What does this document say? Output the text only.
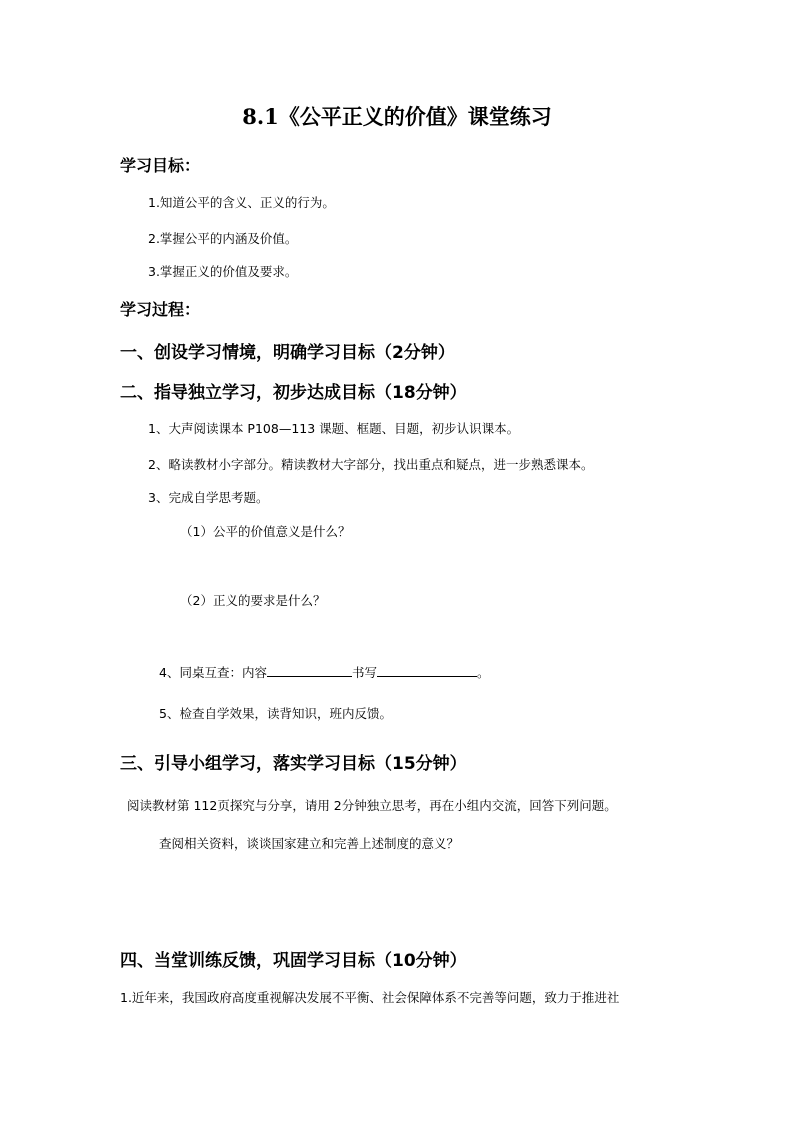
8.1《公平正义的价值》课堂练习
学习目标：
1.知道公平的含义、正义的行为。
2.掌握公平的内涵及价值。
3.掌握正义的价值及要求。
学习过程：
一、创设学习情境，明确学习目标（2分钟）
二、指导独立学习，初步达成目标（18分钟）
1、大声阅读课本 P108—113 课题、框题、目题，初步认识课本。
2、略读教材小字部分。精读教材大字部分，找出重点和疑点，进一步熟悉课本。
3、完成自学思考题。
（1）公平的价值意义是什么？
（2）正义的要求是什么？
4、同桌互查：内容	书写	。
5、检查自学效果，读背知识，班内反馈。
三、引导小组学习，落实学习目标（15分钟）
阅读教材第 112页探究与分享，请用 2分钟独立思考，再在小组内交流，回答下列问题。
查阅相关资料，谈谈国家建立和完善上述制度的意义？
四、当堂训练反馈，巩固学习目标（10分钟）
1.近年来，我国政府高度重视解决发展不平衡、社会保障体系不完善等问题，致力于推进社
